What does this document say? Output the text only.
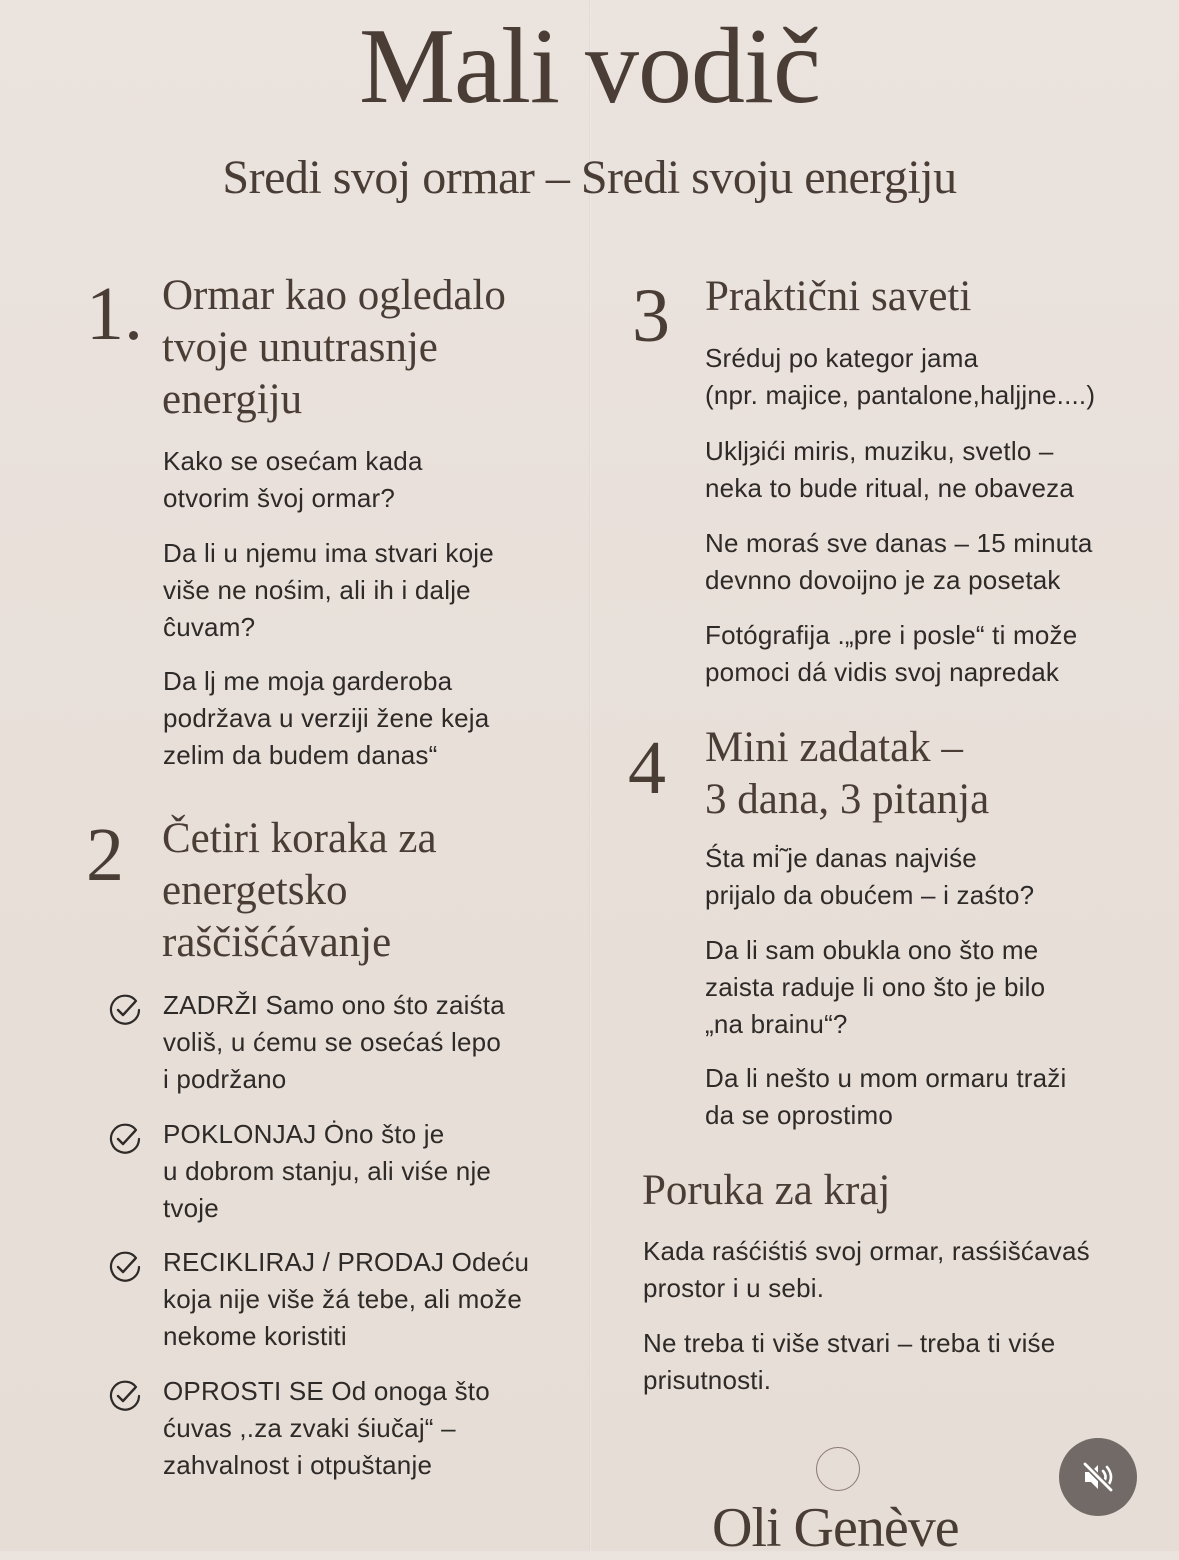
Mali vodič
Sredi svoj ormar – Sredi svoju energiju
1. Ormar kao ogledalo
tvoje unutrasnje
energiju
Kako se osećam kada
otvorim švoj ormar?
Da li u njemu ima stvari koje
više ne nośim, ali ih i dalje
ĉuvam?
Da lj me moja garderoba
podržava u verziji žene keja
zelim da budem danas“
2 Četiri koraka za
energetsko
raščišćávanje
ZADRŽI Samo ono śto zaiśta
voliš, u ćemu se osećaś lepo
i podržano
POKLONJAJ Ȯno što je
u dobrom stanju, ali viśe nje
tvoje
RECIKLIRAJ / PRODAJ Odeću
koja nije više žá tebe, ali može
nekome koristiti
OPROSTI SE Od onoga što
ćuvas ,.za zvaki śiučaj“ –
zahvalnost i otpuštanje
3 Praktični saveti
Sréduj po kategor jama
(npr. majice, pantalone,haljjne....)
Ukljȝići miris, muziku, svetlo –
neka to bude ritual, ne obaveza
Ne moraś sve danas – 15 minuta
devnno dovoijno je za posetak
Fotógrafija .„pre i posle“ ti može
pomoci dá vidis svoj napredak
4 Mini zadatak –
3 dana, 3 pitanja
Śta mi̇̃ je danas najviśe
prijalo da obućem – i zaśto?
Da li sam obukla ono što me
zaista raduje li ono što je bilo
„na brainu“?
Da li nešto u mom ormaru traži
da se oprostimo
Poruka za kraj
Kada raśćiśtiś svoj ormar, rasśišćavaś
prostor i u sebi.
Ne treba ti više stvari – treba ti viśe
prisutnosti.
Oli Genève
